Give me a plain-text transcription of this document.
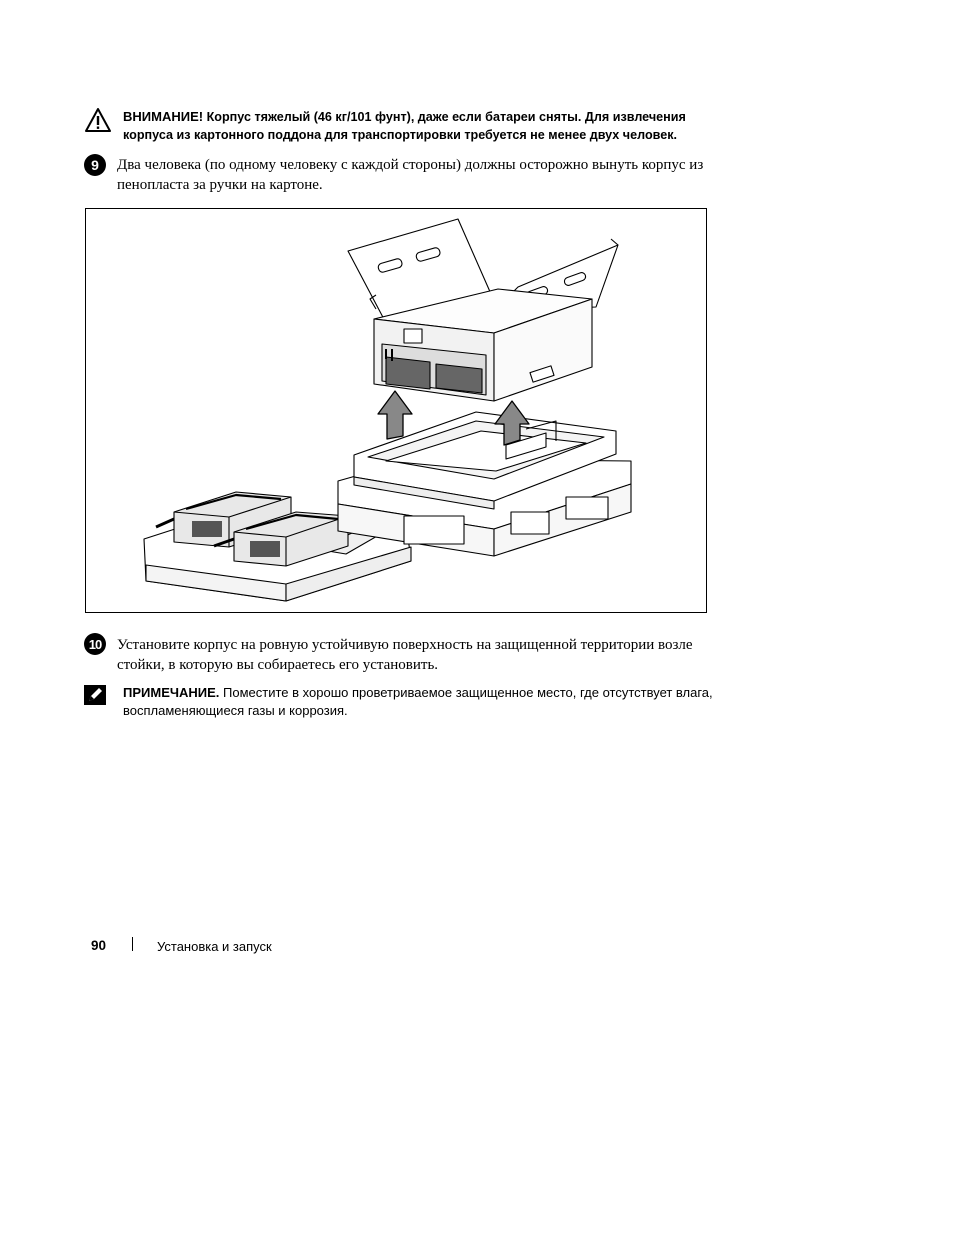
ВНИМАНИЕ! Корпус тяжелый (46 кг/101 фунт), даже если батареи сняты. Для извлечения корпуса из картонного поддона для транспортировки требуется не менее двух человек.
9	Два человека (по одному человеку с каждой стороны) должны осторожно вынуть корпус из пенопласта за ручки на картоне.
10	Установите корпус на ровную устойчивую поверхность на защищенной территории возле стойки, в которую вы собираетесь его установить.
ПРИМЕЧАНИЕ. Поместите в хорошо проветриваемое защищенное место, где отсутствует влага, воспламеняющиеся газы и коррозия.
90	Установка и запуск
